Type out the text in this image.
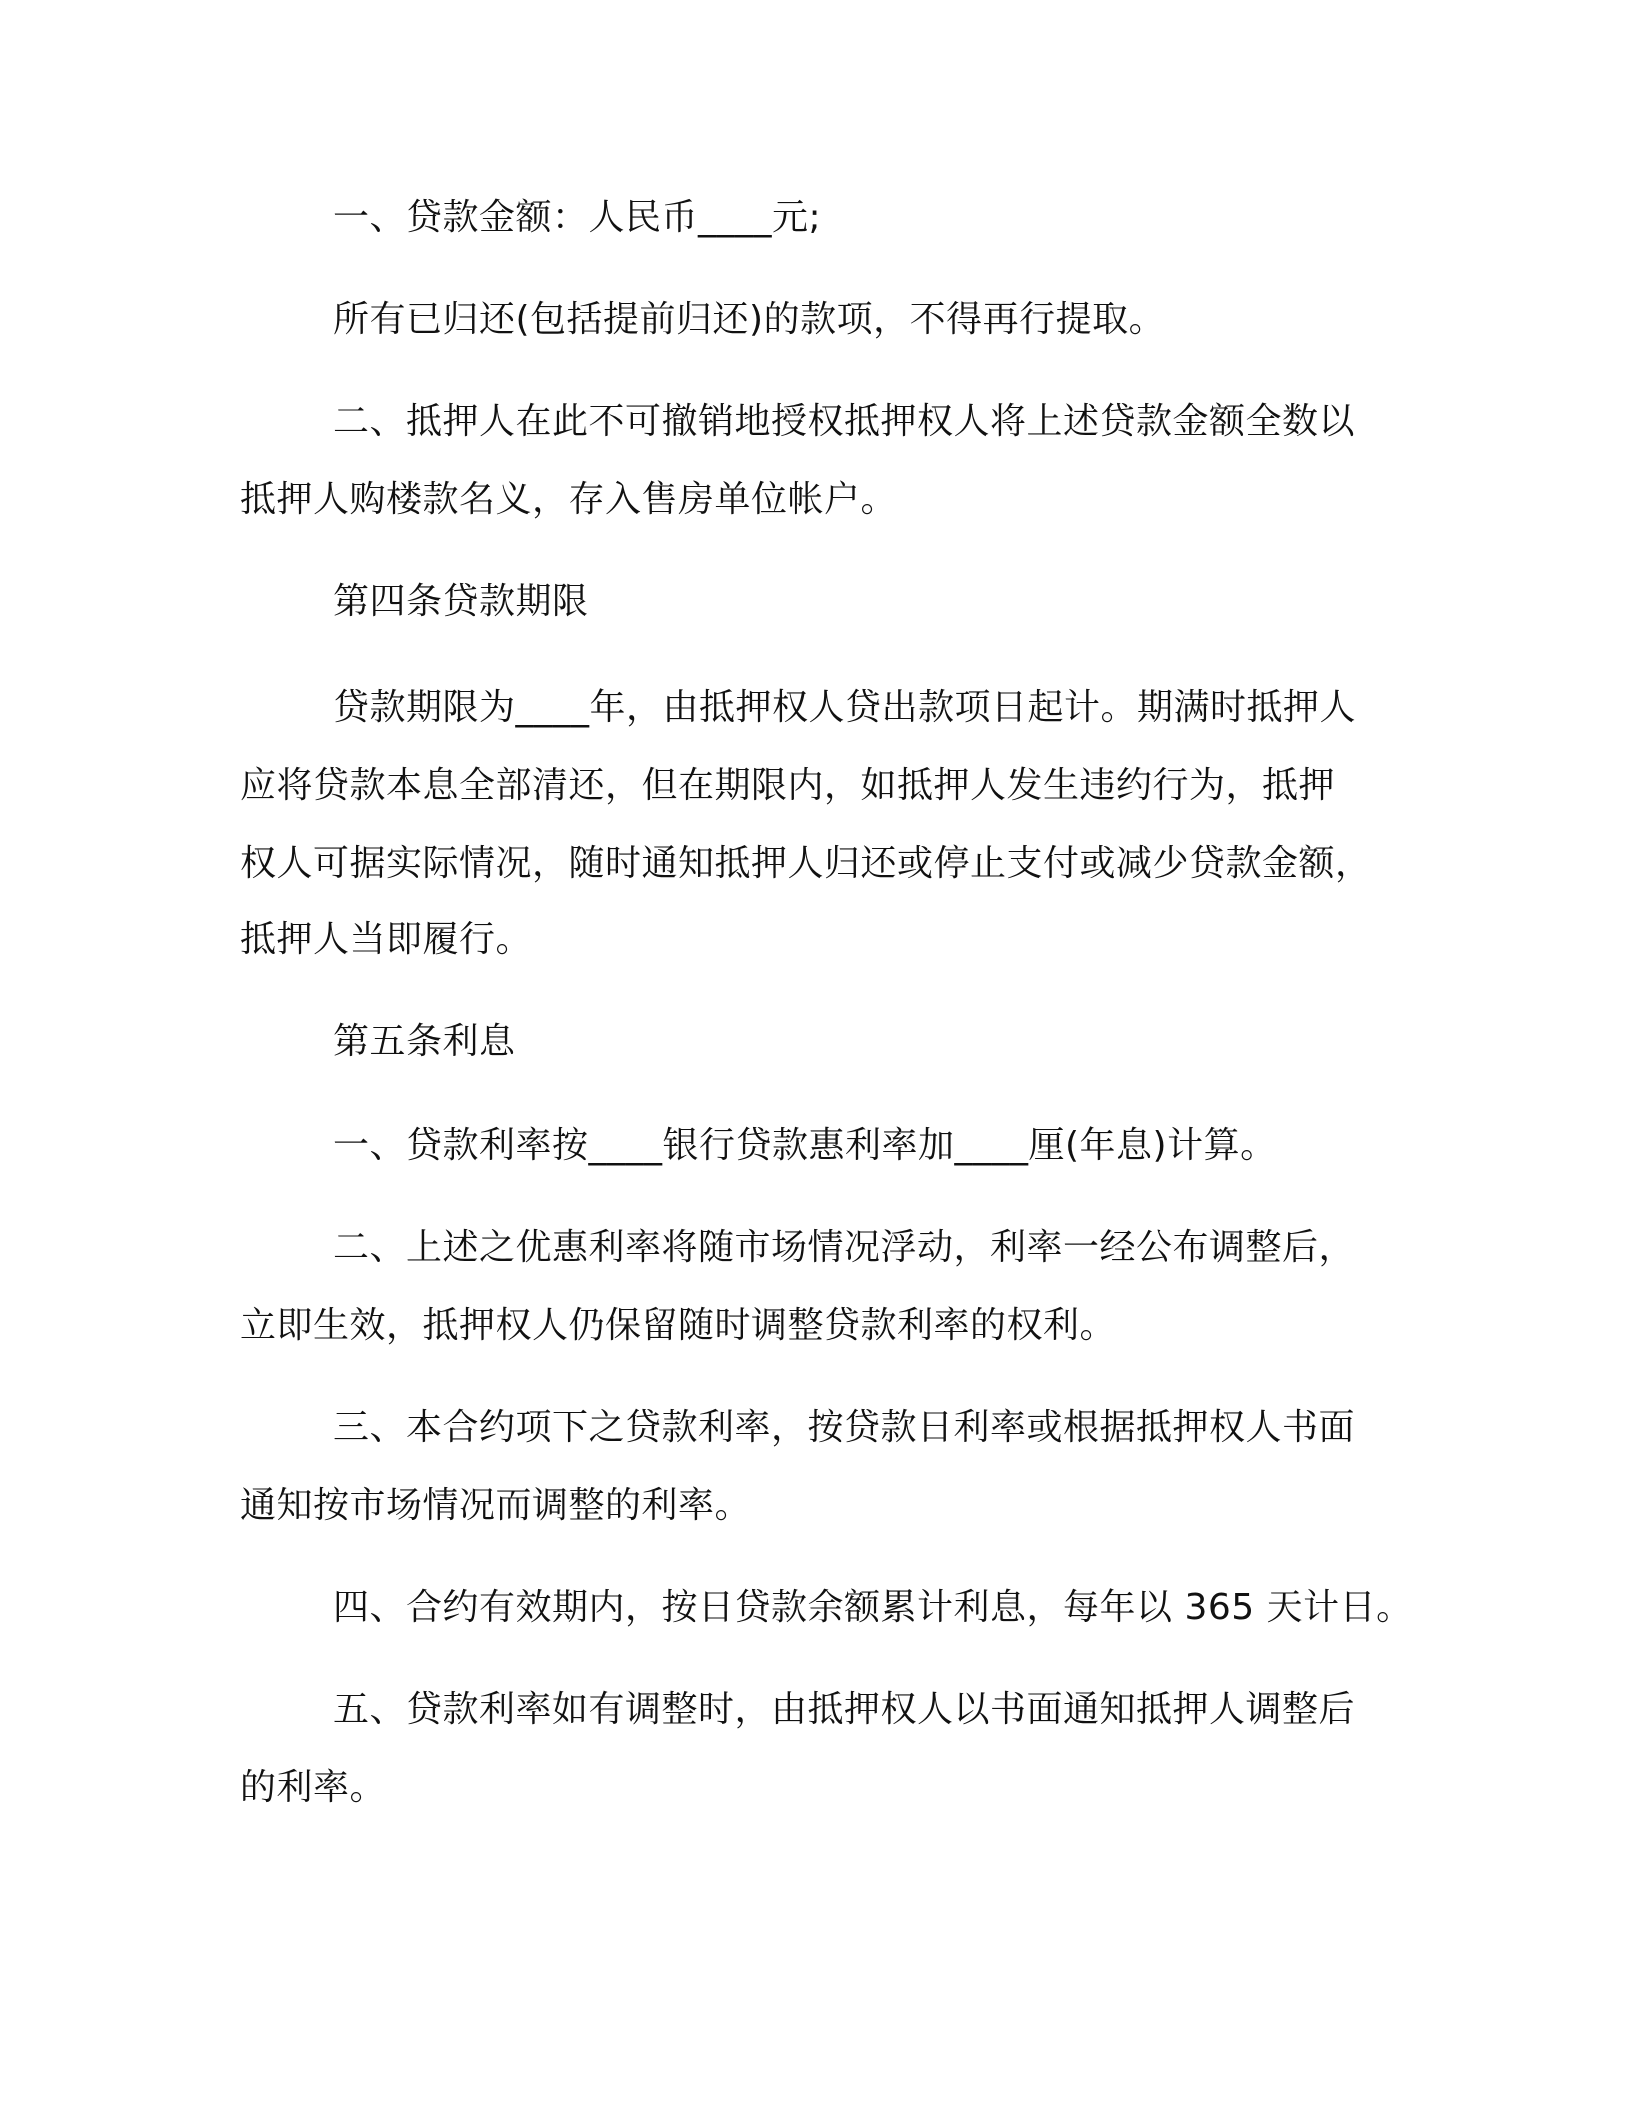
一、贷款金额：人民币____元;
所有已归还(包括提前归还)的款项，不得再行提取。
二、抵押人在此不可撤销地授权抵押权人将上述贷款金额全数以
抵押人购楼款名义，存入售房单位帐户。
第四条贷款期限
贷款期限为____年，由抵押权人贷出款项日起计。期满时抵押人
应将贷款本息全部清还，但在期限内，如抵押人发生违约行为，抵押
权人可据实际情况，随时通知抵押人归还或停止支付或减少贷款金额，
抵押人当即履行。
第五条利息
一、贷款利率按____银行贷款惠利率加____厘(年息)计算。
二、上述之优惠利率将随市场情况浮动，利率一经公布调整后，
立即生效，抵押权人仍保留随时调整贷款利率的权利。
三、本合约项下之贷款利率，按贷款日利率或根据抵押权人书面
通知按市场情况而调整的利率。
四、合约有效期内，按日贷款余额累计利息，每年以 365 天计日。
五、贷款利率如有调整时，由抵押权人以书面通知抵押人调整后
的利率。
